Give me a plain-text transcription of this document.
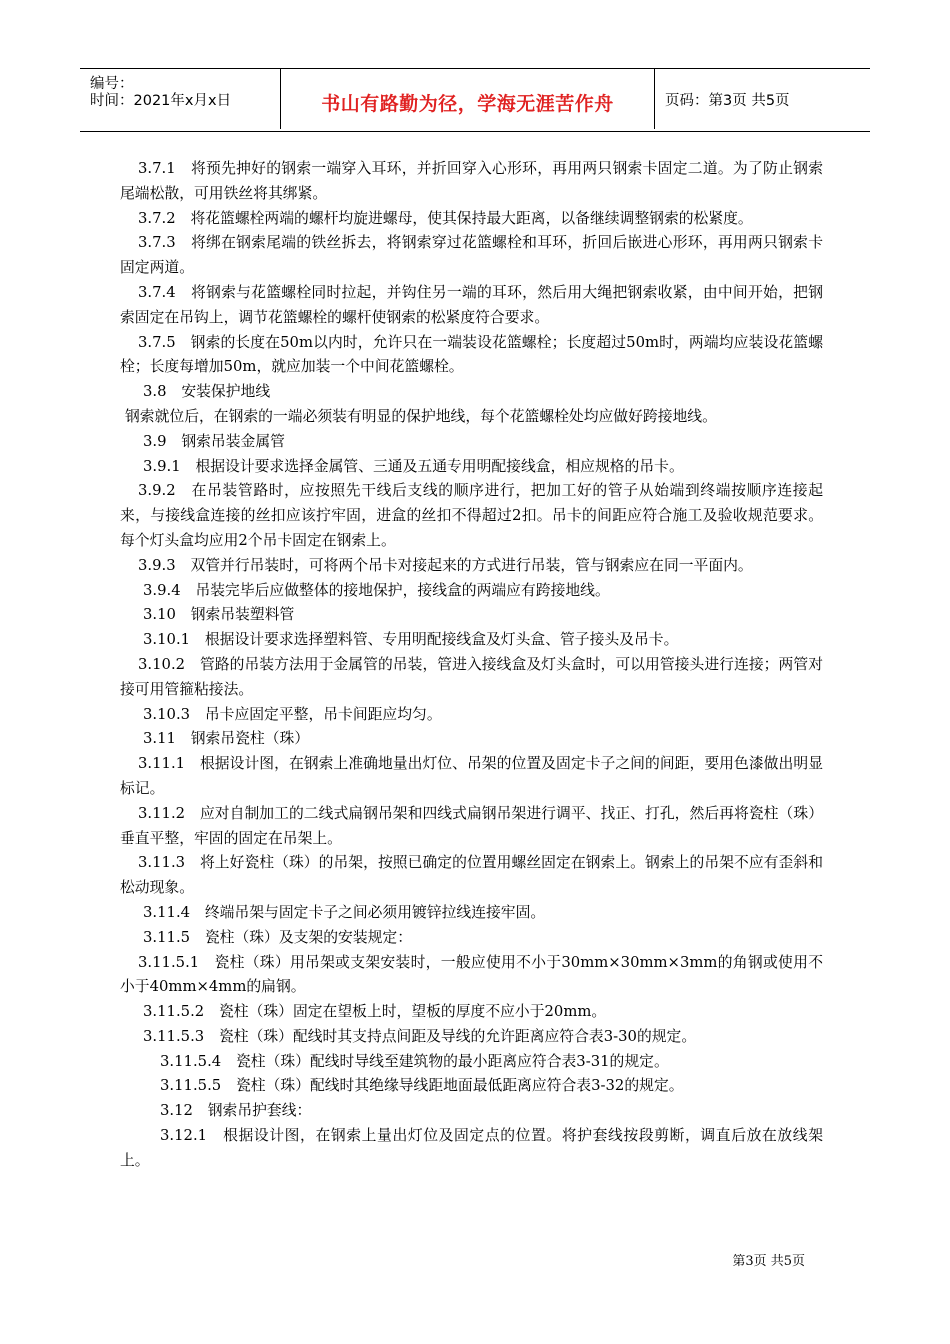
编号：
时间：2021年x月x日	书山有路勤为径，学海无涯苦作舟	页码：第3页 共5页

3.7.1　将预先抻好的钢索一端穿入耳环，并折回穿入心形环，再用两只钢索卡固定二道。为了防止钢索尾端松散，可用铁丝将其绑紧。

3.7.2　将花篮螺栓两端的螺杆均旋进螺母，使其保持最大距离，以备继续调整钢索的松紧度。

3.7.3　将绑在钢索尾端的铁丝拆去，将钢索穿过花篮螺栓和耳环，折回后嵌进心形环，再用两只钢索卡固定两道。

3.7.4　将钢索与花篮螺栓同时拉起，并钩住另一端的耳环，然后用大绳把钢索收紧，由中间开始，把钢索固定在吊钩上，调节花篮螺栓的螺杆使钢索的松紧度符合要求。

3.7.5　钢索的长度在50m以内时，允许只在一端装设花篮螺栓；长度超过50m时，两端均应装设花篮螺栓；长度每增加50m，就应加装一个中间花篮螺栓。

3.8　安装保护地线

钢索就位后，在钢索的一端必须装有明显的保护地线，每个花篮螺栓处均应做好跨接地线。

3.9　钢索吊装金属管

3.9.1　根据设计要求选择金属管、三通及五通专用明配接线盒，相应规格的吊卡。

3.9.2　在吊装管路时，应按照先干线后支线的顺序进行，把加工好的管子从始端到终端按顺序连接起来，与接线盒连接的丝扣应该拧牢固，进盒的丝扣不得超过2扣。吊卡的间距应符合施工及验收规范要求。每个灯头盒均应用2个吊卡固定在钢索上。

3.9.3　双管并行吊装时，可将两个吊卡对接起来的方式进行吊装，管与钢索应在同一平面内。

3.9.4　吊装完毕后应做整体的接地保护，接线盒的两端应有跨接地线。

3.10　钢索吊装塑料管

3.10.1　根据设计要求选择塑料管、专用明配接线盒及灯头盒、管子接头及吊卡。

3.10.2　管路的吊装方法用于金属管的吊装，管进入接线盒及灯头盒时，可以用管接头进行连接；两管对接可用管箍粘接法。

3.10.3　吊卡应固定平整，吊卡间距应均匀。

3.11　钢索吊瓷柱（珠）

3.11.1　根据设计图，在钢索上准确地量出灯位、吊架的位置及固定卡子之间的间距，要用色漆做出明显标记。

3.11.2　应对自制加工的二线式扁钢吊架和四线式扁钢吊架进行调平、找正、打孔，然后再将瓷柱（珠）垂直平整，牢固的固定在吊架上。

3.11.3　将上好瓷柱（珠）的吊架，按照已确定的位置用螺丝固定在钢索上。钢索上的吊架不应有歪斜和松动现象。

3.11.4　终端吊架与固定卡子之间必须用镀锌拉线连接牢固。

3.11.5　瓷柱（珠）及支架的安装规定：

3.11.5.1　瓷柱（珠）用吊架或支架安装时，一般应使用不小于30mm×30mm×3mm的角钢或使用不小于40mm×4mm的扁钢。

3.11.5.2　瓷柱（珠）固定在望板上时，望板的厚度不应小于20mm。

3.11.5.3　瓷柱（珠）配线时其支持点间距及导线的允许距离应符合表3-30的规定。

3.11.5.4　瓷柱（珠）配线时导线至建筑物的最小距离应符合表3-31的规定。

3.11.5.5　瓷柱（珠）配线时其绝缘导线距地面最低距离应符合表3-32的规定。

3.12　钢索吊护套线：

3.12.1　根据设计图，在钢索上量出灯位及固定点的位置。将护套线按段剪断，调直后放在放线架上。

第3页 共5页
